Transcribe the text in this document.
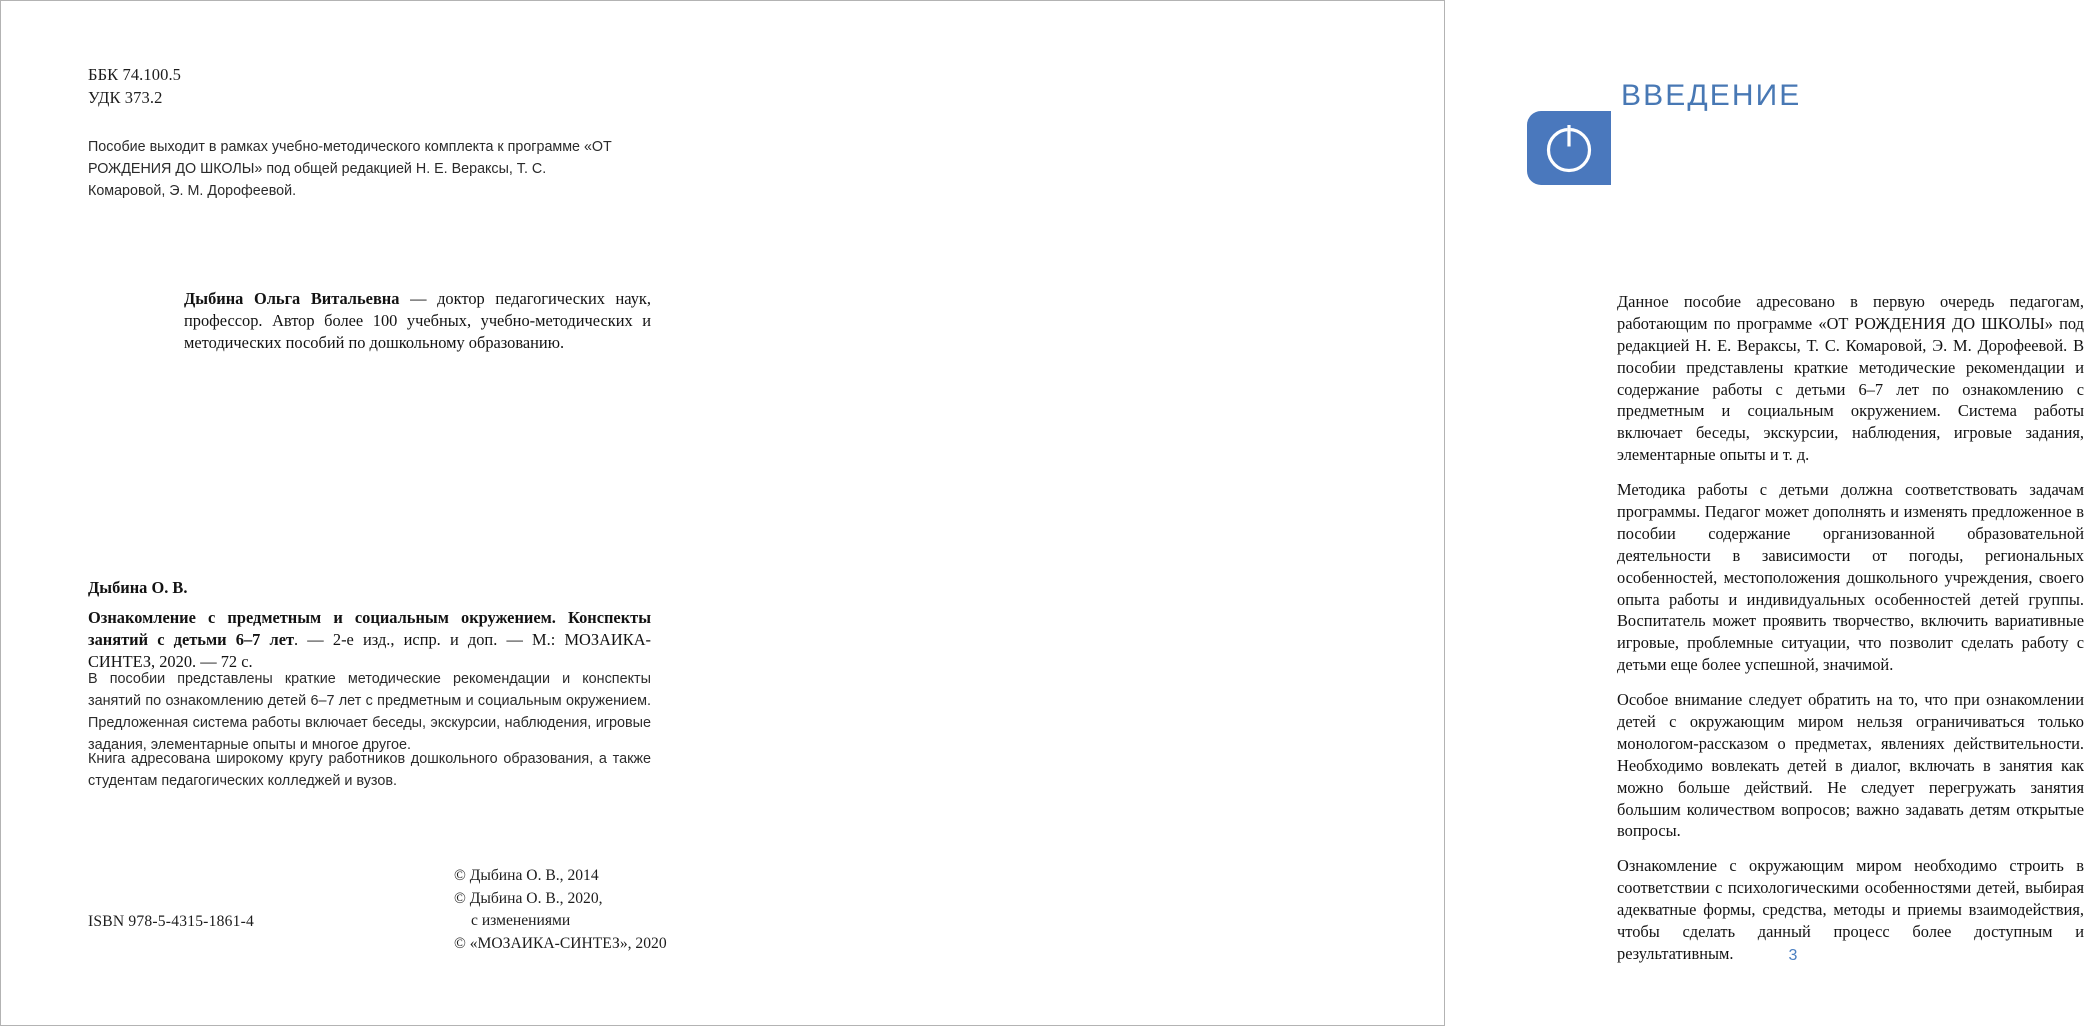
ББК 74.100.5
УДК 373.2
Пособие выходит в рамках учебно-методического комплекта к программе «ОТ РОЖДЕНИЯ ДО ШКОЛЫ» под общей редакцией Н. Е. Вераксы, Т. С. Комаровой, Э. М. Дорофеевой.
Дыбина Ольга Витальевна — доктор педагогических наук, профессор. Автор более 100 учебных, учебно-методических и методических пособий по дошкольному образованию.
Дыбина О. В.
Ознакомление с предметным и социальным окружением. Конспекты занятий с детьми 6–7 лет. — 2-е изд., испр. и доп. — М.: МОЗАИКА-СИНТЕЗ, 2020. — 72 с.
В пособии представлены краткие методические рекомендации и конспекты занятий по ознакомлению детей 6–7 лет с предметным и социальным окружением. Предложенная система работы включает беседы, экскурсии, наблюдения, игровые задания, элементарные опыты и многое другое.
Книга адресована широкому кругу работников дошкольного образования, а также студентам педагогических колледжей и вузов.
ISBN 978-5-4315-1861-4
© Дыбина О. В., 2014
© Дыбина О. В., 2020,
с изменениями
© «МОЗАИКА-СИНТЕЗ», 2020
ВВЕДЕНИЕ

Данное пособие адресовано в первую очередь педагогам, работающим по программе «ОТ РОЖДЕНИЯ ДО ШКОЛЫ» под редакцией Н. Е. Вераксы, Т. С. Комаровой, Э. М. Дорофеевой. В пособии представлены краткие методические рекомендации и содержание работы с детьми 6–7 лет по ознакомлению с предметным и социальным окружением. Система работы включает беседы, экскурсии, наблюдения, игровые задания, элементарные опыты и т. д.

Методика работы с детьми должна соответствовать задачам программы. Педагог может дополнять и изменять предложенное в пособии содержание организованной образовательной деятельности в зависимости от погоды, региональных особенностей, местоположения дошкольного учреждения, своего опыта работы и индивидуальных особенностей детей группы. Воспитатель может проявить творчество, включить вариативные игровые, проблемные ситуации, что позволит сделать работу с детьми еще более успешной, значимой.

Особое внимание следует обратить на то, что при ознакомлении детей с окружающим миром нельзя ограничиваться только монологом-рассказом о предметах, явлениях действительности. Необходимо вовлекать детей в диалог, включать в занятия как можно больше действий. Не следует перегружать занятия большим количеством вопросов; важно задавать детям открытые вопросы.

Ознакомление с окружающим миром необходимо строить в соответствии с психологическими особенностями детей, выбирая адекватные формы, средства, методы и приемы взаимодействия, чтобы сделать данный процесс более доступным и результативным.	3
